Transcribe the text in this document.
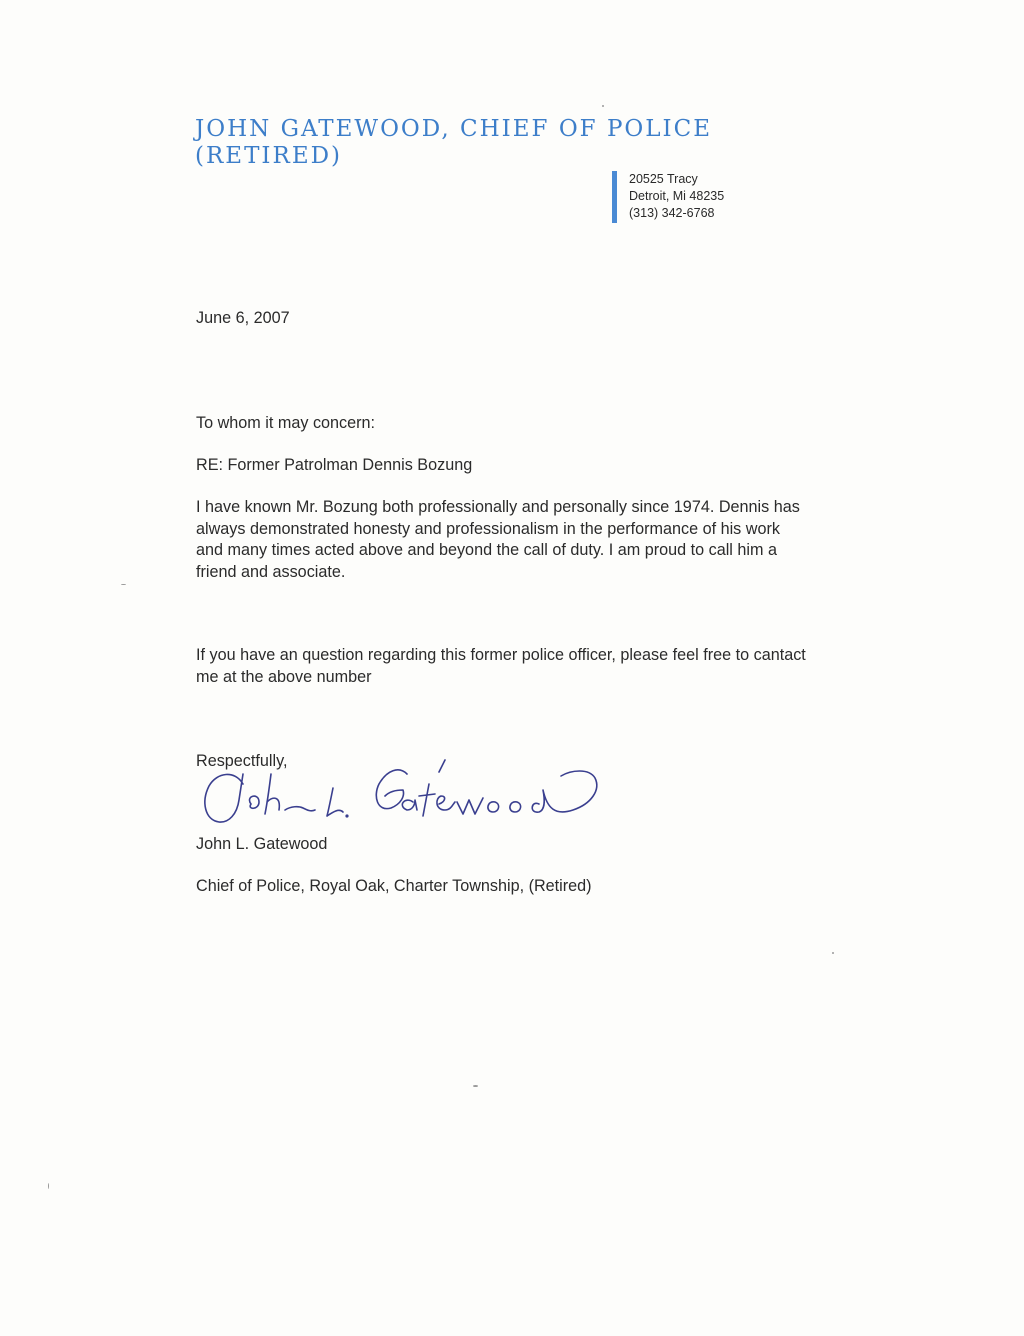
JOHN GATEWOOD, CHIEF OF POLICE (RETIRED)
20525 Tracy
Detroit, Mi 48235
(313) 342-6768

June 6, 2007

To whom it may concern:

RE: Former Patrolman Dennis Bozung

I have known Mr. Bozung both professionally and personally since 1974. Dennis has always demonstrated honesty and professionalism in the performance of his work and many times acted above and beyond the call of duty. I am proud to call him a friend and associate.

If you have an question regarding this former police officer, please feel free to cantact me at the above number

Respectfully,

John L. Gatewood

Chief of Police, Royal Oak, Charter Township, (Retired)
